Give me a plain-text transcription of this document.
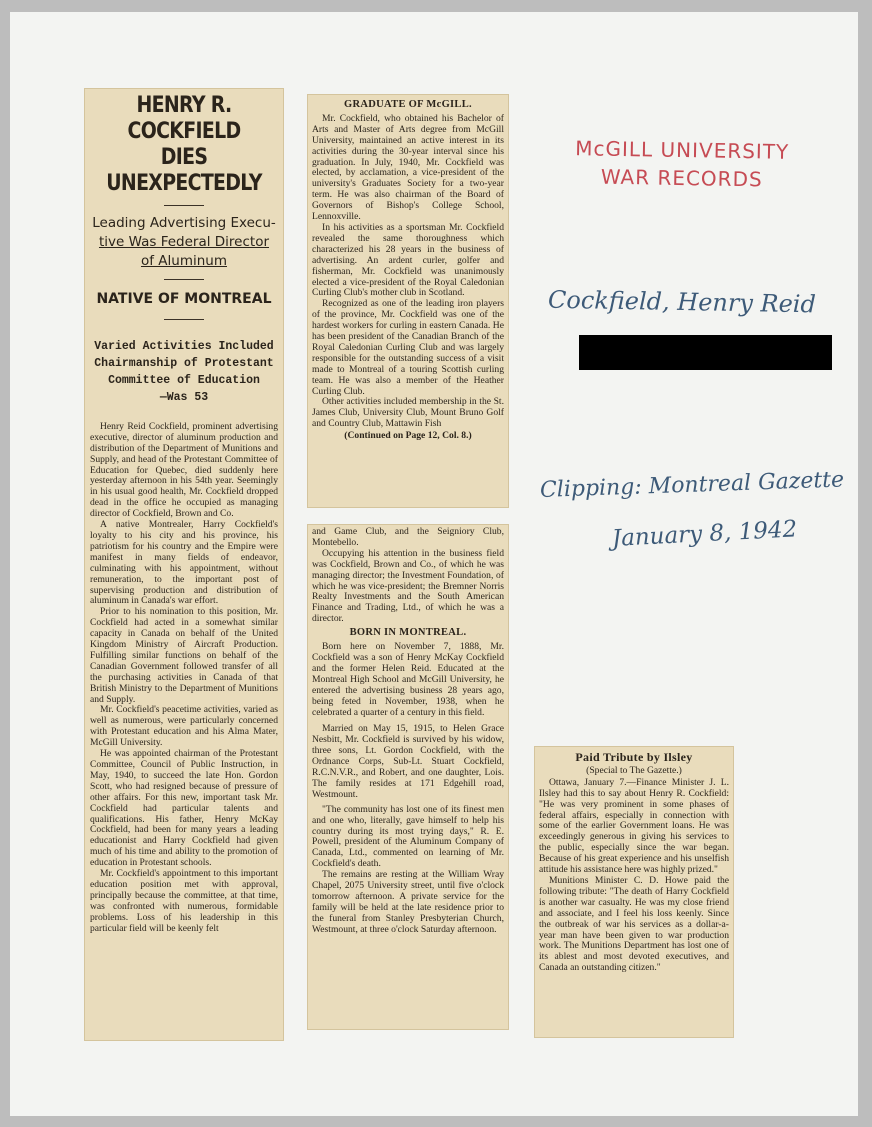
HENRY R. COCKFIELD
DIES UNEXPECTEDLY
Leading Advertising Execu-
tive Was Federal Director
of Aluminum
NATIVE OF MONTREAL
Varied Activities Included
Chairmanship of Protestant
Committee of Education
—Was 53

Henry Reid Cockfield, prominent advertising executive, director of aluminum production and distribution of the Department of Munitions and Supply, and head of the Protestant Committee of Education for Quebec, died suddenly here yesterday afternoon in his 54th year. Seemingly in his usual good health, Mr. Cockfield dropped dead in the office he occupied as managing director of Cockfield, Brown and Co.

A native Montrealer, Harry Cockfield's loyalty to his city and his province, his patriotism for his country and the Empire were manifest in many fields of endeavor, culminating with his appointment, without remuneration, to the important post of supervising production and distribution of aluminum in Canada's war effort.

Prior to his nomination to this position, Mr. Cockfield had acted in a somewhat similar capacity in Canada on behalf of the United Kingdom Ministry of Aircraft Production. Fulfilling similar functions on behalf of the Canadian Government followed transfer of all the purchasing activities in Canada of that British Ministry to the Department of Munitions and Supply.

Mr. Cockfield's peacetime activities, varied as well as numerous, were particularly concerned with Protestant education and his Alma Mater, McGill University.

He was appointed chairman of the Protestant Committee, Council of Public Instruction, in May, 1940, to succeed the late Hon. Gordon Scott, who had resigned because of pressure of other affairs. For this new, important task Mr. Cockfield had particular talents and qualifications. His father, Henry McKay Cockfield, had been for many years a leading educationist and Harry Cockfield had given much of his time and ability to the promotion of education in Protestant schools.

Mr. Cockfield's appointment to this important education position met with approval, principally because the committee, at that time, was confronted with numerous, formidable problems. Loss of his leadership in this particular field will be keenly felt

GRADUATE OF McGILL.

Mr. Cockfield, who obtained his Bachelor of Arts and Master of Arts degree from McGill University, maintained an active interest in its activities during the 30-year interval since his graduation. In July, 1940, Mr. Cockfield was elected, by acclamation, a vice-president of the university's Graduates Society for a two-year term. He was also chairman of the Board of Governors of Bishop's College School, Lennoxville.

In his activities as a sportsman Mr. Cockfield revealed the same thoroughness which characterized his 28 years in the business of advertising. An ardent curler, golfer and fisherman, Mr. Cockfield was unanimously elected a vice-president of the Royal Caledonian Curling Club's mother club in Scotland.

Recognized as one of the leading iron players of the province, Mr. Cockfield was one of the hardest workers for curling in eastern Canada. He has been president of the Canadian Branch of the Royal Caledonian Curling Club and was largely responsible for the outstanding success of a visit made to Montreal of a touring Scottish curling team. He was also a member of the Heather Curling Club.

Other activities included membership in the St. James Club, University Club, Mount Bruno Golf and Country Club, Mattawin Fish

(Continued on Page 12, Col. 8.)

and Game Club, and the Seigniory Club, Montebello.

Occupying his attention in the business field was Cockfield, Brown and Co., of which he was managing director; the Investment Foundation, of which he was vice-president; the Bremner Norris Realty Investments and the South American Finance and Trading, Ltd., of which he was a director.

BORN IN MONTREAL.

Born here on November 7, 1888, Mr. Cockfield was a son of Henry McKay Cockfield and the former Helen Reid. Educated at the Montreal High School and McGill University, he entered the advertising business 28 years ago, being feted in November, 1938, when he celebrated a quarter of a century in this field.

Married on May 15, 1915, to Helen Grace Nesbitt, Mr. Cockfield is survived by his widow, three sons, Lt. Gordon Cockfield, with the Ordnance Corps, Sub-Lt. Stuart Cockfield, R.C.N.V.R., and Robert, and one daughter, Lois. The family resides at 171 Edgehill road, Westmount.

"The community has lost one of its finest men and one who, literally, gave himself to help his country during its most trying days," R. E. Powell, president of the Aluminum Company of Canada, Ltd., commented on learning of Mr. Cockfield's death.

The remains are resting at the William Wray Chapel, 2075 University street, until five o'clock tomorrow afternoon. A private service for the family will be held at the late residence prior to the funeral from Stanley Presbyterian Church, Westmount, at three o'clock Saturday afternoon.

Paid Tribute by Ilsley
(Special to The Gazette.)

Ottawa, January 7.—Finance Minister J. L. Ilsley had this to say about Henry R. Cockfield: "He was very prominent in some phases of federal affairs, especially in connection with some of the earlier Government loans. He was exceedingly generous in giving his services to the public, especially since the war began. Because of his great experience and his unselfish attitude his assistance here was highly prized."

Munitions Minister C. D. Howe paid the following tribute: "The death of Harry Cockfield is another war casualty. He was my close friend and associate, and I feel his loss keenly. Since the outbreak of war his services as a dollar-a-year man have been given to war production work. The Munitions Department has lost one of its ablest and most devoted executives, and Canada an outstanding citizen."

McGILL UNIVERSITY
WAR RECORDS
Cockfield, Henry Reid
Clipping: Montreal Gazette
January 8, 1942
